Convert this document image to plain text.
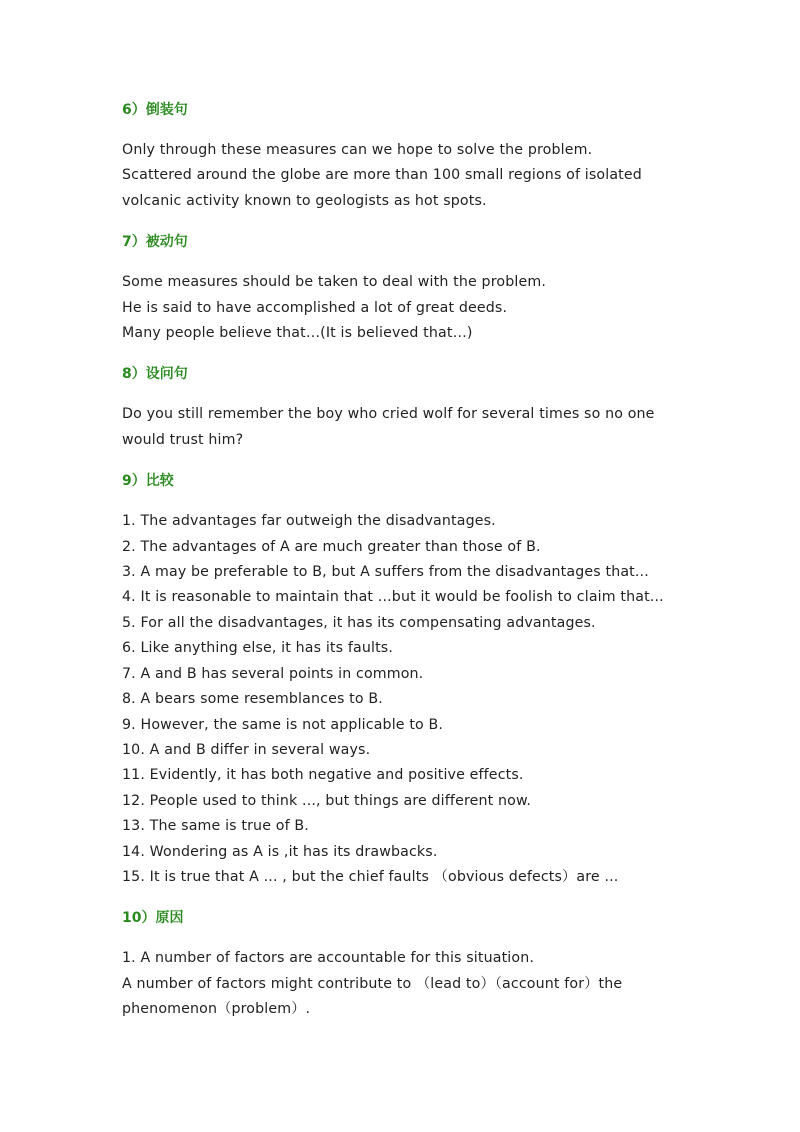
6）倒装句

Only through these measures can we hope to solve the problem.

Scattered around the globe are more than 100 small regions of isolated

volcanic activity known to geologists as hot spots.

7）被动句

Some measures should be taken to deal with the problem.

He is said to have accomplished a lot of great deeds.

Many people believe that…(It is believed that…)

8）设问句

Do you still remember the boy who cried wolf for several times so no one

would trust him?

9）比较

1. The advantages far outweigh the disadvantages.

2. The advantages of A are much greater than those of B.

3. A may be preferable to B, but A suffers from the disadvantages that...

4. It is reasonable to maintain that ...but it would be foolish to claim that...

5. For all the disadvantages, it has its compensating advantages.

6. Like anything else, it has its faults.

7. A and B has several points in common.

8. A bears some resemblances to B.

9. However, the same is not applicable to B.

10. A and B differ in several ways.

11. Evidently, it has both negative and positive effects.

12. People used to think ..., but things are different now.

13. The same is true of B.

14. Wondering as A is ,it has its drawbacks.

15. It is true that A ... , but the chief faults （obvious defects）are ...

10）原因

1. A number of factors are accountable for this situation.

A number of factors might contribute to （lead to）（account for）the

phenomenon（problem）.
